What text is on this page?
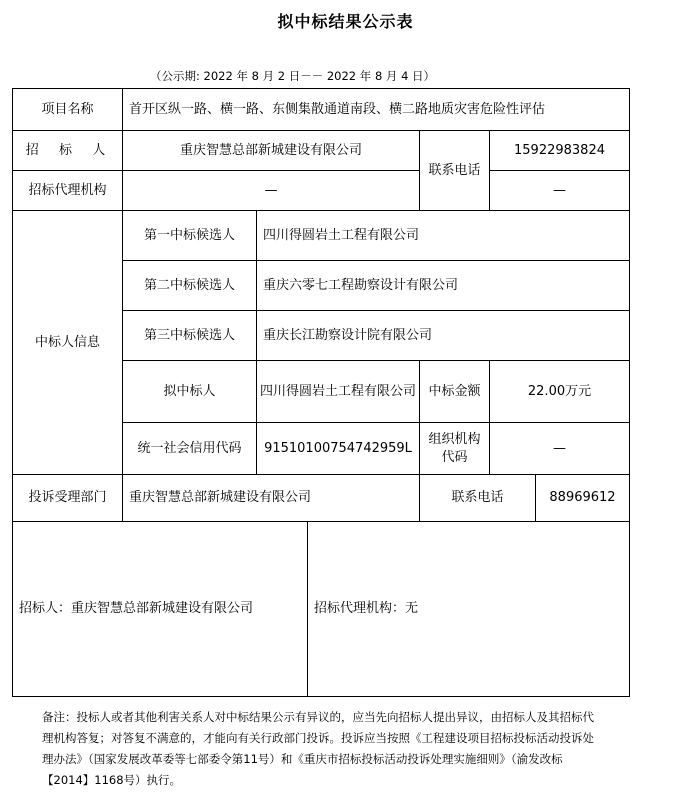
拟中标结果公示表
（公示期: 2022 年 8 月 2 日－－ 2022 年 8 月 4 日）
项目名称	首开区纵一路、横一路、东侧集散通道南段、横二路地质灾害危险性评估					
招  标  人	重庆智慧总部新城建设有限公司			联系电话	15922983824	
招标代理机构	—				—	
中标人信息	第一中标候选人	四川得圆岩土工程有限公司				
	第二中标候选人	重庆六零七工程勘察设计有限公司				
	第三中标候选人	重庆长江勘察设计院有限公司				
	拟中标人	四川得圆岩土工程有限公司		中标金额	22.00万元	
	统一社会信用代码	91510100754742959L		组织机构代码	—	
投诉受理部门	重庆智慧总部新城建设有限公司			联系电话		88969612
招标人：重庆智慧总部新城建设有限公司			招标代理机构：无			
备注：投标人或者其他利害关系人对中标结果公示有异议的，应当先向招标人提出异议，由招标人及其招标代理机构答复；对答复不满意的，才能向有关行政部门投诉。投诉应当按照《工程建设项目招标投标活动投诉处理办法》（国家发展改革委等七部委令第11号）和《重庆市招标投标活动投诉处理实施细则》（渝发改标【2014】1168号）执行。
